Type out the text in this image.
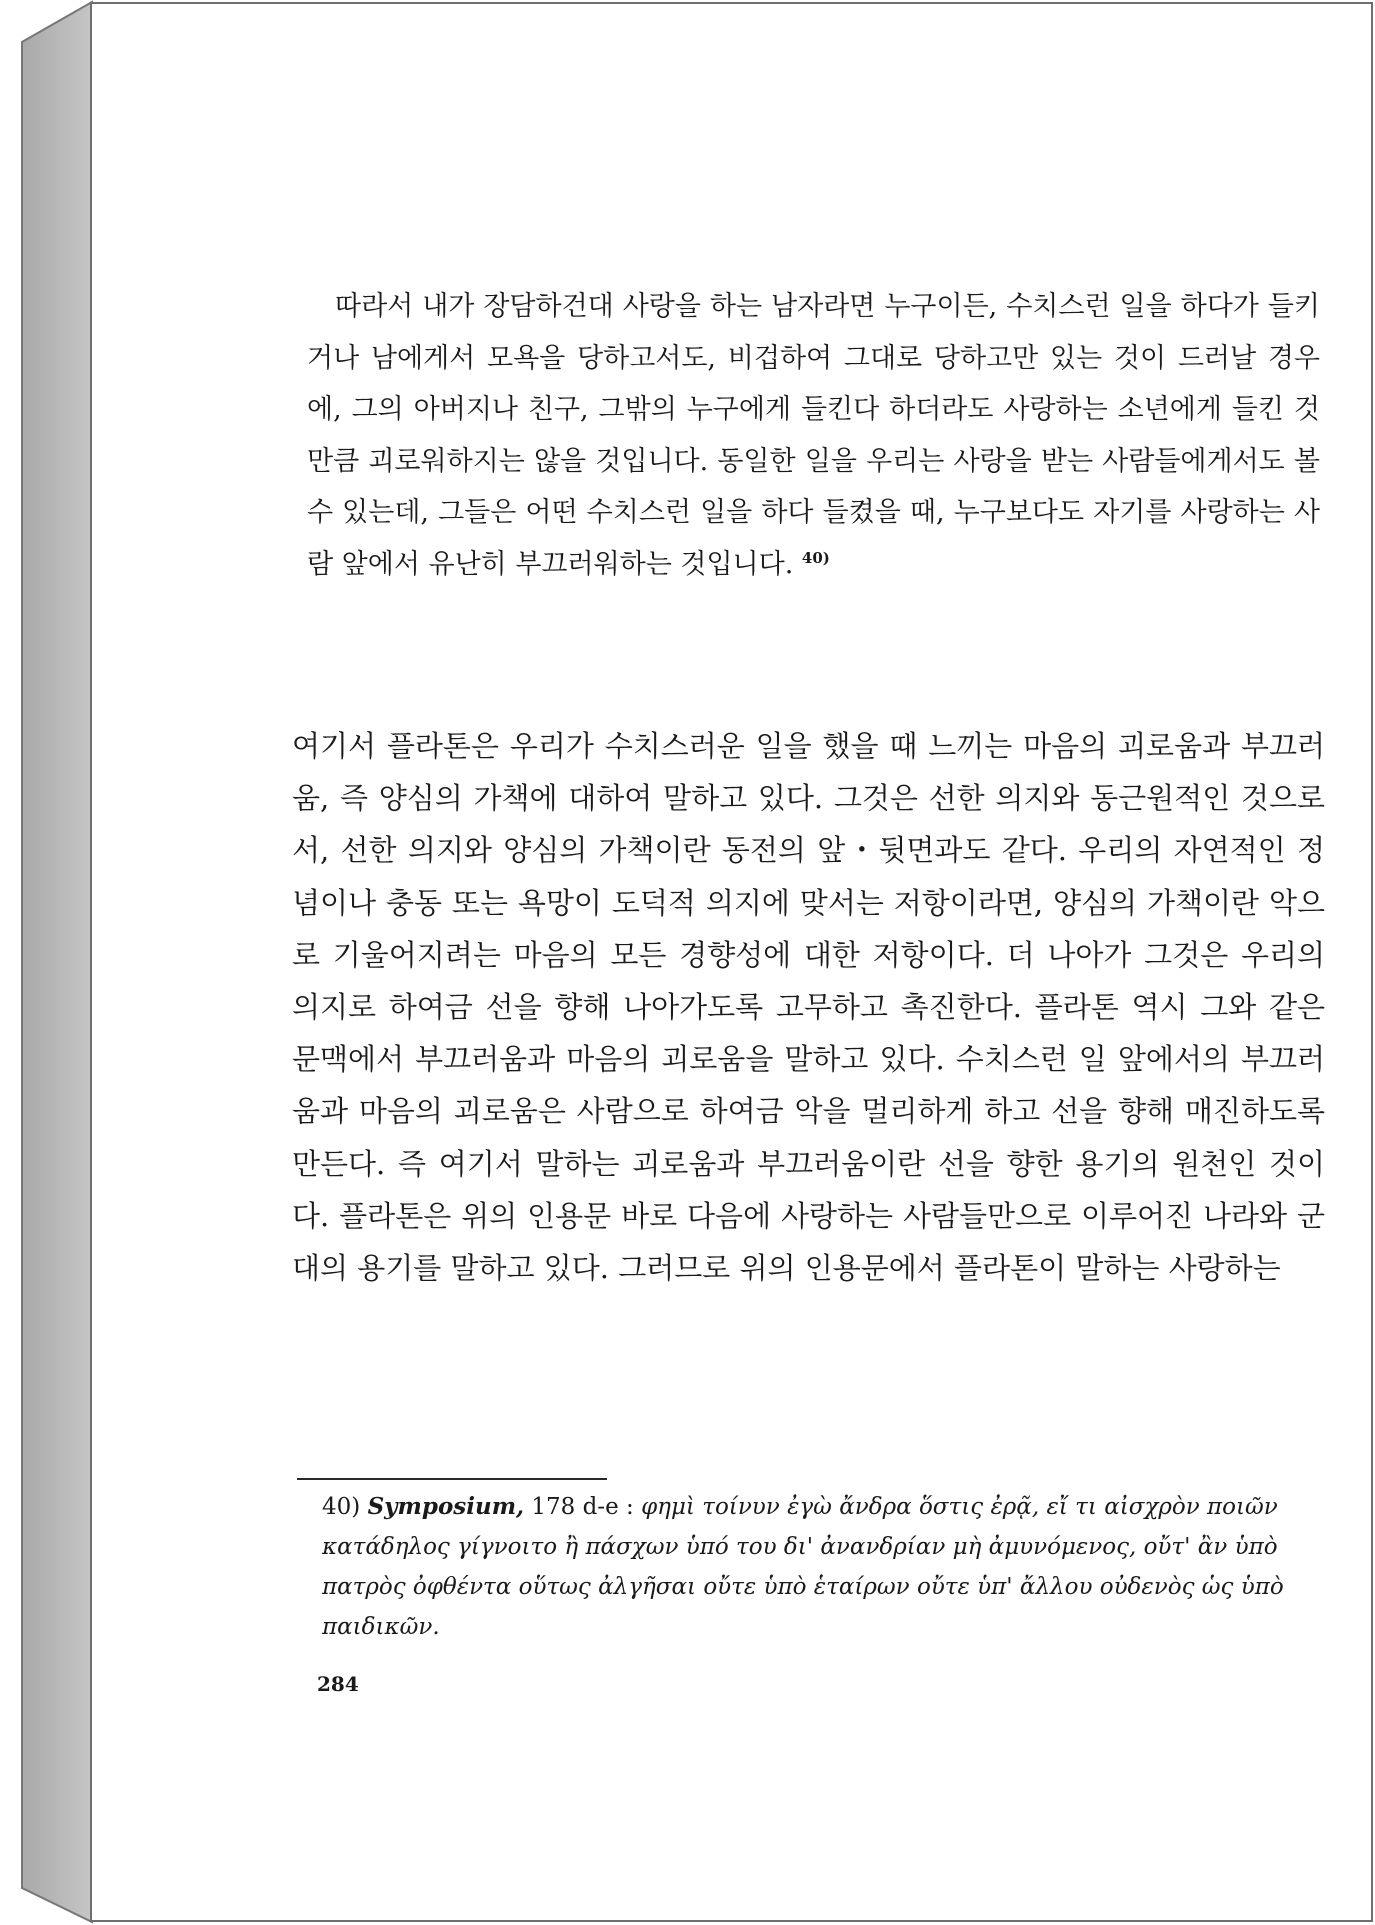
따라서 내가 장담하건대 사랑을 하는 남자라면 누구이든, 수치스런 일을 하다가 들키거나 남에게서 모욕을 당하고서도, 비겁하여 그대로 당하고만 있는 것이 드러날 경우에, 그의 아버지나 친구, 그밖의 누구에게 들킨다 하더라도 사랑하는 소년에게 들킨 것만큼 괴로워하지는 않을 것입니다. 동일한 일을 우리는 사랑을 받는 사람들에게서도 볼 수 있는데, 그들은 어떤 수치스런 일을 하다 들켰을 때, 누구보다도 자기를 사랑하는 사람 앞에서 유난히 부끄러워하는 것입니다. $^{40)}$

여기서 플라톤은 우리가 수치스러운 일을 했을 때 느끼는 마음의 괴로움과 부끄러움, 즉 양심의 가책에 대하여 말하고 있다. 그것은 선한 의지와 동근원적인 것으로서, 선한 의지와 양심의 가책이란 동전의 앞・뒷면과도 같다. 우리의 자연적인 정념이나 충동 또는 욕망이 도덕적 의지에 맞서는 저항이라면, 양심의 가책이란 악으로 기울어지려는 마음의 모든 경향성에 대한 저항이다. 더 나아가 그것은 우리의 의지로 하여금 선을 향해 나아가도록 고무하고 촉진한다. 플라톤 역시 그와 같은 문맥에서 부끄러움과 마음의 괴로움을 말하고 있다. 수치스런 일 앞에서의 부끄러움과 마음의 괴로움은 사람으로 하여금 악을 멀리하게 하고 선을 향해 매진하도록 만든다. 즉 여기서 말하는 괴로움과 부끄러움이란 선을 향한 용기의 원천인 것이다. 플라톤은 위의 인용문 바로 다음에 사랑하는 사람들만으로 이루어진 나라와 군대의 용기를 말하고 있다. 그러므로 위의 인용문에서 플라톤이 말하는 사랑하는

40) Symposium, 178 d-e : φημὶ τοίνυν ἐγὼ ἄνδρα ὅστις ἐρᾷ, εἴ τι αἰσχρὸν ποιῶν κατάδηλος γίγνοιτο ἢ πάσχων ὑπό του δι' ἀνανδρίαν μὴ ἀμυνόμενος, οὔτ' ἂν ὑπὸ πατρὸς ὀφθέντα οὕτως ἀλγῆσαι οὔτε ὑπὸ ἑταίρων οὔτε ὑπ' ἄλλου οὐδενὸς ὡς ὑπὸ παιδικῶν.
284
